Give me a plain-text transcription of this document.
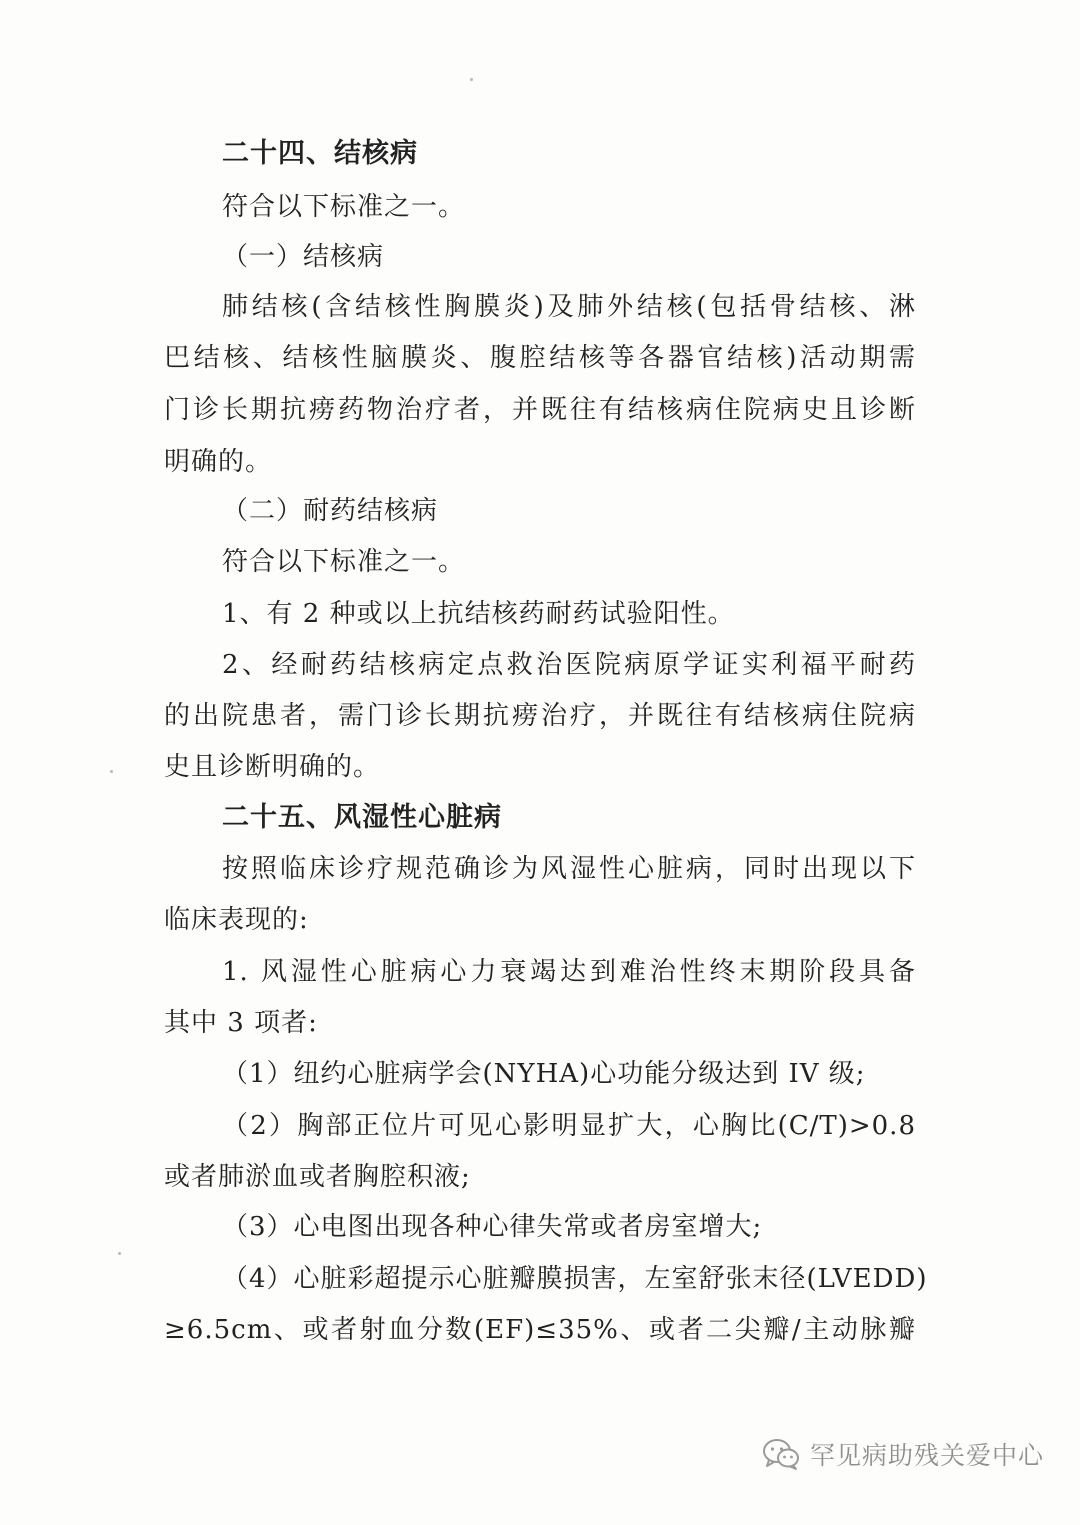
二十四、结核病
符合以下标准之一。
（一）结核病
肺结核(含结核性胸膜炎)及肺外结核(包括骨结核、淋
巴结核、结核性脑膜炎、腹腔结核等各器官结核)活动期需
门诊长期抗痨药物治疗者，并既往有结核病住院病史且诊断
明确的。
（二）耐药结核病
符合以下标准之一。
1、有 2 种或以上抗结核药耐药试验阳性。
2、经耐药结核病定点救治医院病原学证实利福平耐药
的出院患者，需门诊长期抗痨治疗，并既往有结核病住院病
史且诊断明确的。
二十五、风湿性心脏病
按照临床诊疗规范确诊为风湿性心脏病，同时出现以下
临床表现的:
1. 风湿性心脏病心力衰竭达到难治性终末期阶段具备
其中 3 项者:
（1）纽约心脏病学会(NYHA)心功能分级达到 IV 级;
（2）胸部正位片可见心影明显扩大，心胸比(C/T)>0.8
或者肺淤血或者胸腔积液;
（3）心电图出现各种心律失常或者房室增大;
（4）心脏彩超提示心脏瓣膜损害，左室舒张末径(LVEDD)
≥6.5cm、或者射血分数(EF)≤35%、或者二尖瓣/主动脉瓣
罕见病助残关爱中心
